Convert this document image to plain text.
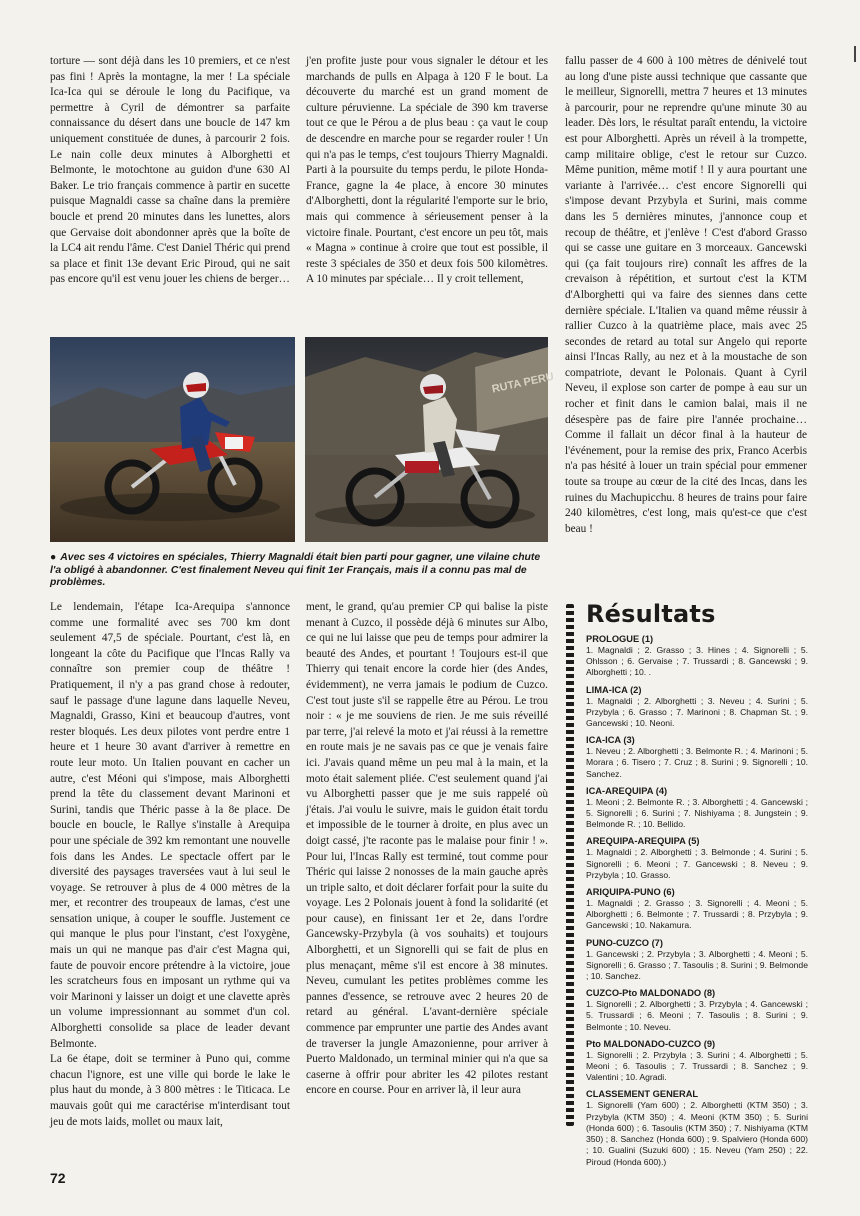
torture — sont déjà dans les 10 premiers, et ce n'est pas fini ! Après la montagne, la mer ! La spéciale Ica-Ica qui se déroule le long du Pacifique, va permettre à Cyril de démontrer sa parfaite connaissance du désert dans une boucle de 147 km uniquement constituée de dunes, à parcourir 2 fois. Le nain colle deux minutes à Alborghetti et Belmonte, le motochtone au guidon d'une 630 Al Baker. Le trio français commence à partir en sucette puisque Magnaldi casse sa chaîne dans la première boucle et prend 20 minutes dans les lunettes, alors que Gervaise doit abondonner après que la boîte de la LC4 ait rendu l'âme. C'est Daniel Théric qui prend sa place et finit 13e devant Eric Piroud, qui ne sait pas encore qu'il est venu jouer les chiens de berger…

j'en profite juste pour vous signaler le détour et les marchands de pulls en Alpaga à 120 F le bout. La découverte du marché est un grand moment de culture péruvienne. La spéciale de 390 km traverse tout ce que le Pérou a de plus beau : ça vaut le coup de descendre en marche pour se regarder rouler ! Un qui n'a pas le temps, c'est toujours Thierry Magnaldi. Parti à la poursuite du temps perdu, le pilote Honda-France, gagne la 4e place, à encore 30 minutes d'Alborghetti, dont la régularité l'emporte sur le brio, mais qui commence à sérieusement penser à la victoire finale. Pourtant, c'est encore un peu tôt, mais « Magna » continue à croire que tout est possible, il reste 3 spéciales de 350 et deux fois 500 kilomètres. A 10 minutes par spéciale… Il y croit tellement,

fallu passer de 4 600 à 100 mètres de dénivelé tout au long d'une piste aussi technique que cassante que le meilleur, Signorelli, mettra 7 heures et 13 minutes à parcourir, pour ne reprendre qu'une minute 30 au leader. Dès lors, le résultat paraît entendu, la victoire est pour Alborghetti. Après un réveil à la trompette, camp militaire oblige, c'est le retour sur Cuzco. Même punition, même motif ! Il y aura pourtant une variante à l'arrivée… c'est encore Signorelli qui s'impose devant Przybyla et Surini, mais comme dans les 5 dernières minutes, j'annonce coup et recoup de théâtre, et j'enlève ! C'est d'abord Grasso qui se casse une guitare en 3 morceaux. Gancewski qui (ça fait toujours rire) connaît les affres de la crevaison à répétition, et surtout c'est la KTM d'Alborghetti qui va faire des siennes dans cette dernière spéciale. L'Italien va quand même réussir à rallier Cuzco à la quatrième place, mais avec 25 secondes de retard au total sur Angelo qui reporte ainsi l'Incas Rally, au nez et à la moustache de son compatriote, devant le Polonais. Quant à Cyril Neveu, il explose son carter de pompe à eau sur un rocher et finit dans le camion balai, mais il ne désespère pas de faire pire l'année prochaine… Comme il fallait un décor final à la hauteur de l'événement, pour la remise des prix, Franco Acerbis n'a pas hésité à louer un train spécial pour emmener toute sa troupe au cœur de la cité des Incas, dans les ruines du Machupicchu. 8 heures de trains pour faire 240 kilomètres, c'est long, mais qu'est-ce que c'est beau !

RUTA PERU
● Avec ses 4 victoires en spéciales, Thierry Magnaldi était bien parti pour gagner, une vilaine chute l'a obligé à abandonner. C'est finalement Neveu qui finit 1er Français, mais il a connu pas mal de problèmes.

Le lendemain, l'étape Ica-Arequipa s'annonce comme une formalité avec ses 700 km dont seulement 47,5 de spéciale. Pourtant, c'est là, en longeant la côte du Pacifique que l'Incas Rally va connaître son premier coup de théâtre ! Pratiquement, il n'y a pas grand chose à redouter, sauf le passage d'une lagune dans laquelle Neveu, Magnaldi, Grasso, Kini et beaucoup d'autres, vont rester bloqués. Les deux pilotes vont perdre entre 1 heure et 1 heure 30 avant d'arriver à remettre en route leur moto. Un Italien pouvant en cacher un autre, c'est Méoni qui s'impose, mais Alborghetti prend la tête du classement devant Marinoni et Surini, tandis que Théric passe à la 8e place. De boucle en boucle, le Rallye s'installe à Arequipa pour une spéciale de 392 km remontant une nouvelle fois dans les Andes. Le spectacle offert par le diversité des paysages traversées vaut à lui seul le voyage. Se retrouver à plus de 4 000 mètres de la mer, et recontrer des troupeaux de lamas, c'est une sensation unique, à couper le souffle. Justement ce qui manque le plus pour l'instant, c'est l'oxygène, mais un qui ne manque pas d'air c'est Magna qui, faute de pouvoir encore prétendre à la victoire, joue les scratcheurs fous en imposant un rythme qui va voir Marinoni y laisser un doigt et une clavette après un volume impressionnant au sommet d'un col. Alborghetti consolide sa place de leader devant Belmonte.

La 6e étape, doit se terminer à Puno qui, comme chacun l'ignore, est une ville qui borde le lake le plus haut du monde, à 3 800 mètres : le Titicaca. Le mauvais goût qui me caractérise m'interdisant tout jeu de mots laids, mollet ou maux lait,

ment, le grand, qu'au premier CP qui balise la piste menant à Cuzco, il possède déjà 6 minutes sur Albo, ce qui ne lui laisse que peu de temps pour admirer la beauté des Andes, et pourtant ! Toujours est-il que Thierry qui tenait encore la corde hier (des Andes, évidemment), ne verra jamais le podium de Cuzco. C'est tout juste s'il se rappelle être au Pérou. Le trou noir : « je me souviens de rien. Je me suis réveillé par terre, j'ai relevé la moto et j'ai réussi à la remettre en route mais je ne savais pas ce que je venais faire ici. J'avais quand même un peu mal à la main, et la moto était salement pliée. C'est seulement quand j'ai vu Alborghetti passer que je me suis rappelé où j'étais. J'ai voulu le suivre, mais le guidon était tordu et impossible de le tourner à droite, en plus avec un doigt cassé, j'te raconte pas le malaise pour finir ! ». Pour lui, l'Incas Rally est terminé, tout comme pour Théric qui laisse 2 nonosses de la main gauche après un triple salto, et doit déclarer forfait pour la suite du voyage. Les 2 Polonais jouent à fond la solidarité (et pour cause), en finissant 1er et 2e, dans l'ordre Gancewsky-Przybyla (à vos souhaits) et toujours Alborghetti, et un Signorelli qui se fait de plus en plus menaçant, même s'il est encore à 38 minutes. Neveu, cumulant les petites problèmes comme les pannes d'essence, se retrouve avec 2 heures 20 de retard au général. L'avant-dernière spéciale commence par emprunter une partie des Andes avant de traverser la jungle Amazonienne, pour arriver à Puerto Maldonado, un terminal minier qui n'a que sa caserne à offrir pour abriter les 42 pilotes restant encore en course. Pour en arriver là, il leur aura

Résultats
PROLOGUE (1)
1. Magnaldi ; 2. Grasso ; 3. Hines ; 4. Signorelli ; 5. Ohlsson ; 6. Gervaise ; 7. Trussardi ; 8. Gancewski ; 9. Alborghetti ; 10. .
LIMA-ICA (2)
1. Magnaldi ; 2. Alborghetti ; 3. Neveu ; 4. Surini ; 5. Przybyla ; 6. Grasso ; 7. Marinoni ; 8. Chapman St. ; 9. Gancewski ; 10. Neoni.
ICA-ICA (3)
1. Neveu ; 2. Alborghetti ; 3. Belmonte R. ; 4. Marinoni ; 5. Morara ; 6. Tisero ; 7. Cruz ; 8. Surini ; 9. Signorelli ; 10. Sanchez.
ICA-AREQUIPA (4)
1. Meoni ; 2. Belmonte R. ; 3. Alborghetti ; 4. Gancewski ; 5. Signorelli ; 6. Surini ; 7. Nishiyama ; 8. Jungstein ; 9. Belmonde R. ; 10. Bellido.
AREQUIPA-AREQUIPA (5)
1. Magnaldi ; 2. Alborghetti ; 3. Belmonde ; 4. Surini ; 5. Signorelli ; 6. Meoni ; 7. Gancewski ; 8. Neveu ; 9. Przybyla ; 10. Grasso.
ARIQUIPA-PUNO (6)
1. Magnaldi ; 2. Grasso ; 3. Signorelli ; 4. Meoni ; 5. Alborghetti ; 6. Belmonte ; 7. Trussardi ; 8. Przybyla ; 9. Gancewski ; 10. Nakamura.
PUNO-CUZCO (7)
1. Gancewski ; 2. Przybyla ; 3. Alborghetti ; 4. Meoni ; 5. Signorelli ; 6. Grasso ; 7. Tasoulis ; 8. Surini ; 9. Belmonde ; 10. Sanchez.
CUZCO-Pto MALDONADO (8)
1. Signorelli ; 2. Alborghetti ; 3. Przybyla ; 4. Gancewski ; 5. Trussardi ; 6. Meoni ; 7. Tasoulis ; 8. Surini ; 9. Belmonte ; 10. Neveu.
Pto MALDONADO-CUZCO (9)
1. Signorelli ; 2. Przybyla ; 3. Surini ; 4. Alborghetti ; 5. Meoni ; 6. Tasoulis ; 7. Trussardi ; 8. Sanchez ; 9. Valentini ; 10. Agradi.
CLASSEMENT GENERAL
1. Signorelli (Yam 600) ; 2. Alborghetti (KTM 350) ; 3. Przybyla (KTM 350) ; 4. Meoni (KTM 350) ; 5. Surini (Honda 600) ; 6. Tasoulis (KTM 350) ; 7. Nishiyama (KTM 350) ; 8. Sanchez (Honda 600) ; 9. Spalviero (Honda 600) ; 10. Gualini (Suzuki 600) ; 15. Neveu (Yam 250) ; 22. Piroud (Honda 600).)
72
